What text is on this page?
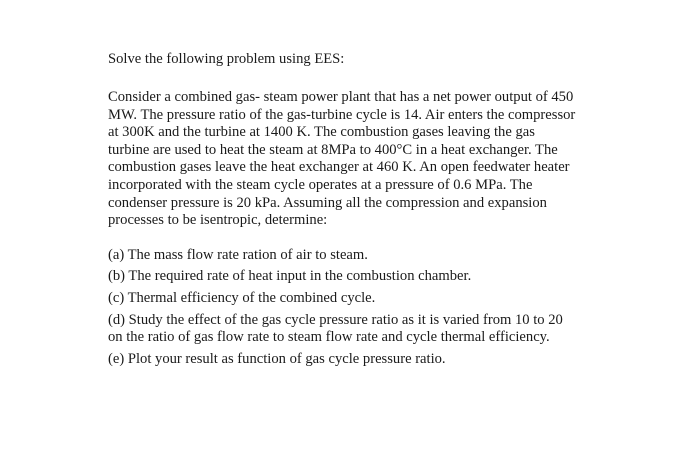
Solve the following problem using EES:
Consider a combined gas- steam power plant that has a net power output of 450
MW. The pressure ratio of the gas-turbine cycle is 14. Air enters the compressor
at 300K and the turbine at 1400 K. The combustion gases leaving the gas
turbine are used to heat the steam at 8MPa to 400°C in a heat exchanger. The
combustion gases leave the heat exchanger at 460 K. An open feedwater heater
incorporated with the steam cycle operates at a pressure of 0.6 MPa. The
condenser pressure is 20 kPa. Assuming all the compression and expansion
processes to be isentropic, determine:
(a) The mass flow rate ration of air to steam.
(b) The required rate of heat input in the combustion chamber.
(c) Thermal efficiency of the combined cycle.
(d) Study the effect of the gas cycle pressure ratio as it is varied from 10 to 20
on the ratio of gas flow rate to steam flow rate and cycle thermal efficiency.
(e) Plot your result as function of gas cycle pressure ratio.
